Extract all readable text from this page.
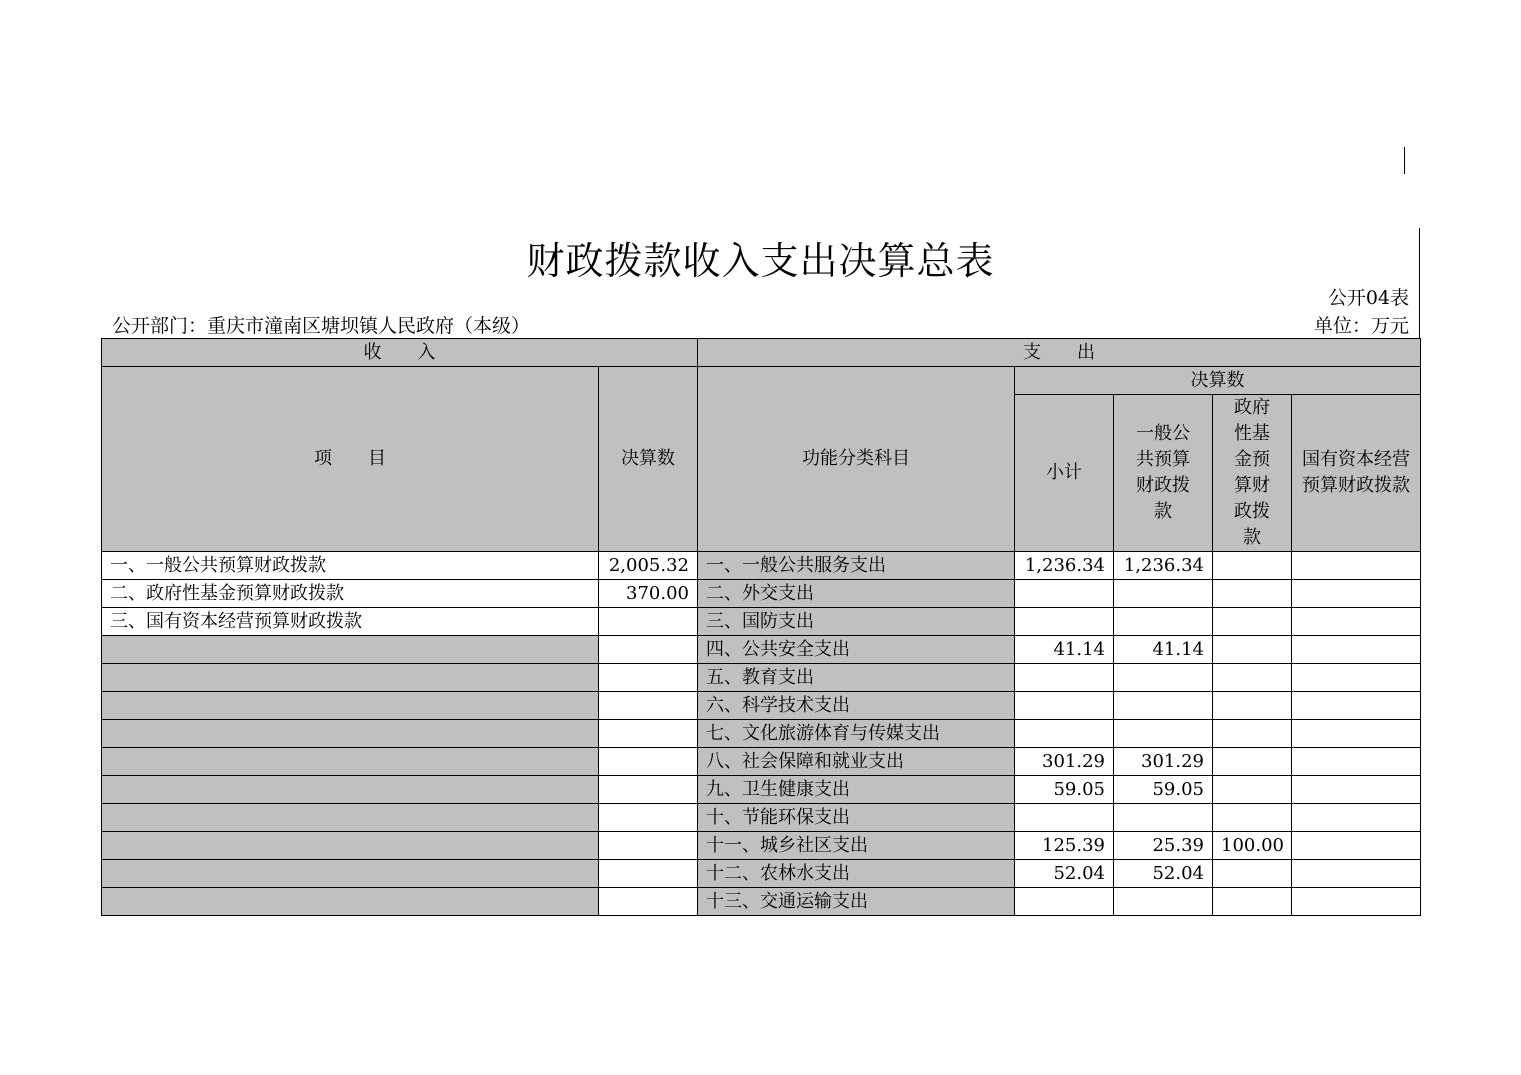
财政拨款收入支出决算总表
公开04表
公开部门：重庆市潼南区塘坝镇人民政府（本级）	单位：万元
收　　入		支　　出				
项　　目	决算数	功能分类科目	决算数			
			小计	一般公共预算财政拨款	政府性基金预算财政拨款	国有资本经营预算财政拨款
一、一般公共预算财政拨款	2,005.32	一、一般公共服务支出	1,236.34	1,236.34		
二、政府性基金预算财政拨款	370.00	二、外交支出				
三、国有资本经营预算财政拨款		三、国防支出				
		四、公共安全支出	41.14	41.14		
		五、教育支出				
		六、科学技术支出				
		七、文化旅游体育与传媒支出				
		八、社会保障和就业支出	301.29	301.29		
		九、卫生健康支出	59.05	59.05		
		十、节能环保支出				
		十一、城乡社区支出	125.39	25.39	100.00	
		十二、农林水支出	52.04	52.04		
		十三、交通运输支出				
